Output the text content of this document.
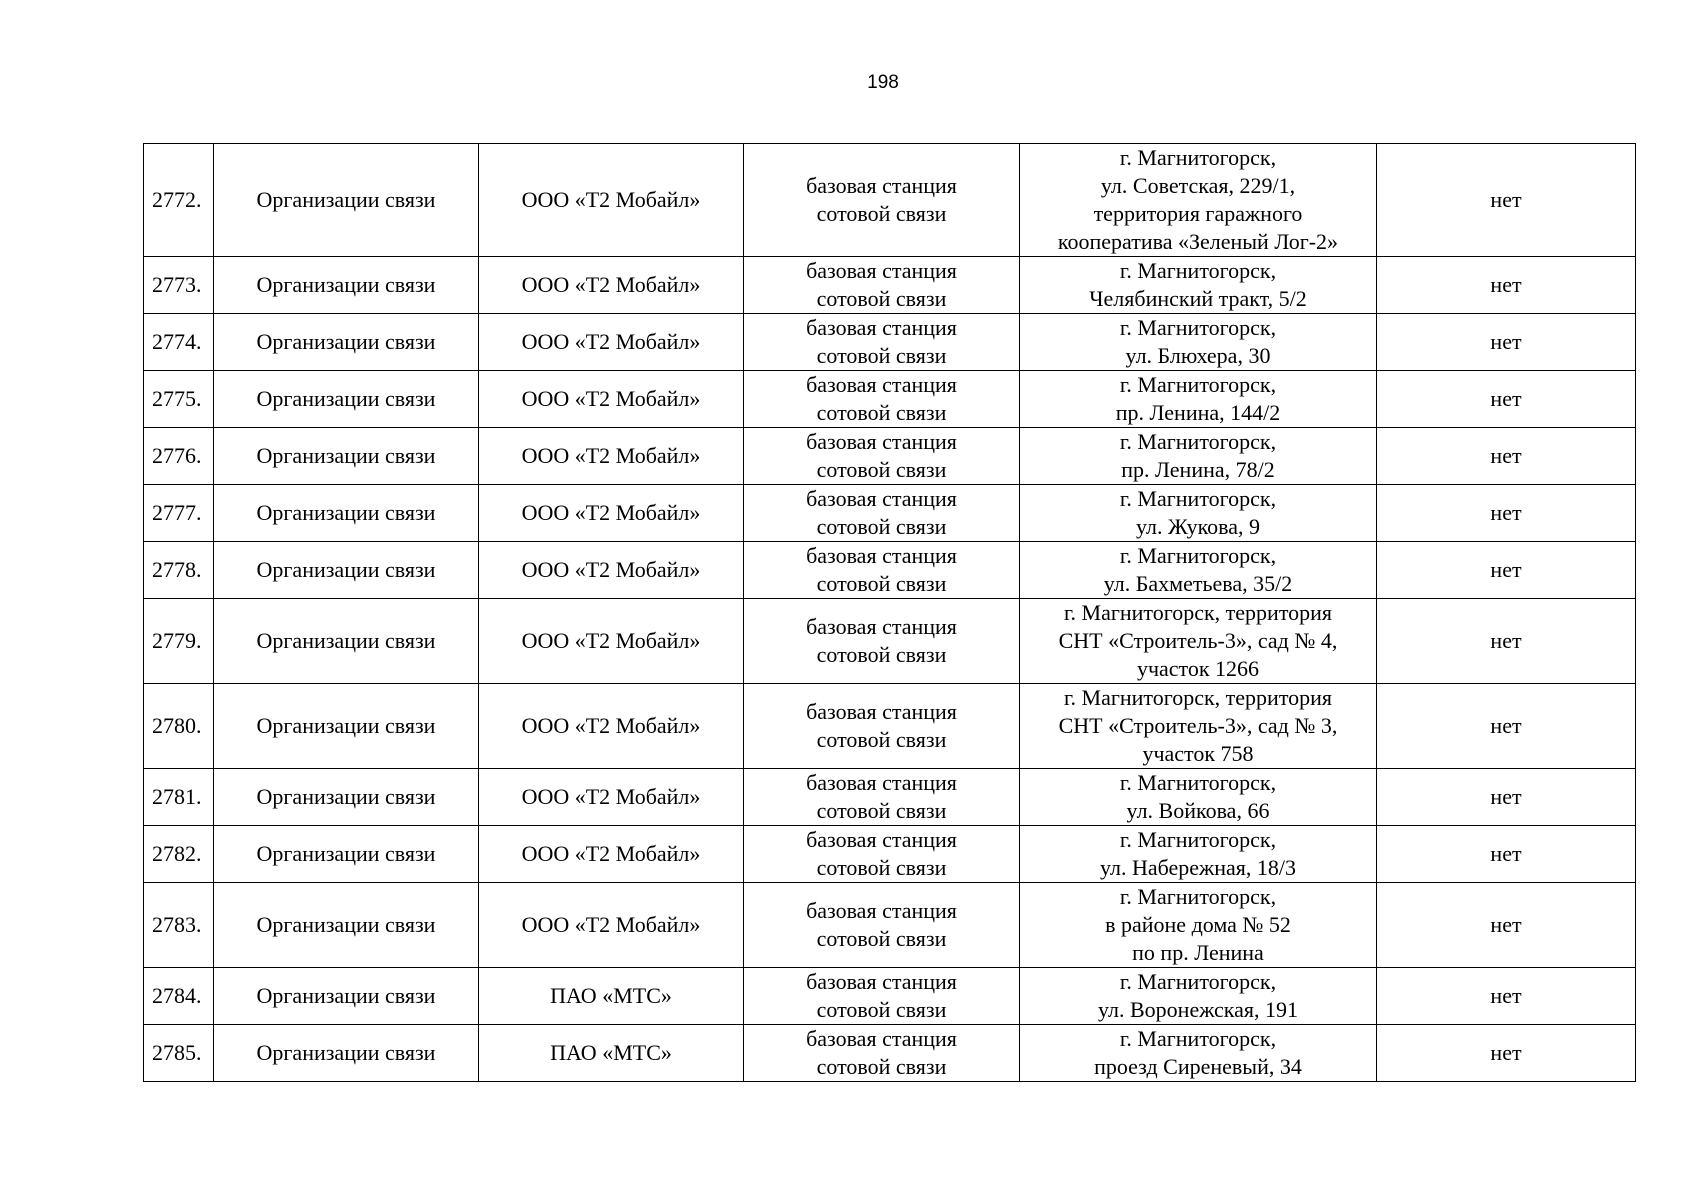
198
2772.	Организации связи	ООО «Т2 Мобайл»	базовая станция
сотовой связи	г. Магнитогорск,
ул. Советская, 229/1,
территория гаражного
кооператива «Зеленый Лог-2»	нет
2773.	Организации связи	ООО «Т2 Мобайл»	базовая станция
сотовой связи	г. Магнитогорск,
Челябинский тракт, 5/2	нет
2774.	Организации связи	ООО «Т2 Мобайл»	базовая станция
сотовой связи	г. Магнитогорск,
ул. Блюхера, 30	нет
2775.	Организации связи	ООО «Т2 Мобайл»	базовая станция
сотовой связи	г. Магнитогорск,
пр. Ленина, 144/2	нет
2776.	Организации связи	ООО «Т2 Мобайл»	базовая станция
сотовой связи	г. Магнитогорск,
пр. Ленина, 78/2	нет
2777.	Организации связи	ООО «Т2 Мобайл»	базовая станция
сотовой связи	г. Магнитогорск,
ул. Жукова, 9	нет
2778.	Организации связи	ООО «Т2 Мобайл»	базовая станция
сотовой связи	г. Магнитогорск,
ул. Бахметьева, 35/2	нет
2779.	Организации связи	ООО «Т2 Мобайл»	базовая станция
сотовой связи	г. Магнитогорск, территория
СНТ «Строитель-3», сад № 4,
участок 1266	нет
2780.	Организации связи	ООО «Т2 Мобайл»	базовая станция
сотовой связи	г. Магнитогорск, территория
СНТ «Строитель-3», сад № 3,
участок 758	нет
2781.	Организации связи	ООО «Т2 Мобайл»	базовая станция
сотовой связи	г. Магнитогорск,
ул. Войкова, 66	нет
2782.	Организации связи	ООО «Т2 Мобайл»	базовая станция
сотовой связи	г. Магнитогорск,
ул. Набережная, 18/3	нет
2783.	Организации связи	ООО «Т2 Мобайл»	базовая станция
сотовой связи	г. Магнитогорск,
в районе дома № 52
по пр. Ленина	нет
2784.	Организации связи	ПАО «МТС»	базовая станция
сотовой связи	г. Магнитогорск,
ул. Воронежская, 191	нет
2785.	Организации связи	ПАО «МТС»	базовая станция
сотовой связи	г. Магнитогорск,
проезд Сиреневый, 34	нет
